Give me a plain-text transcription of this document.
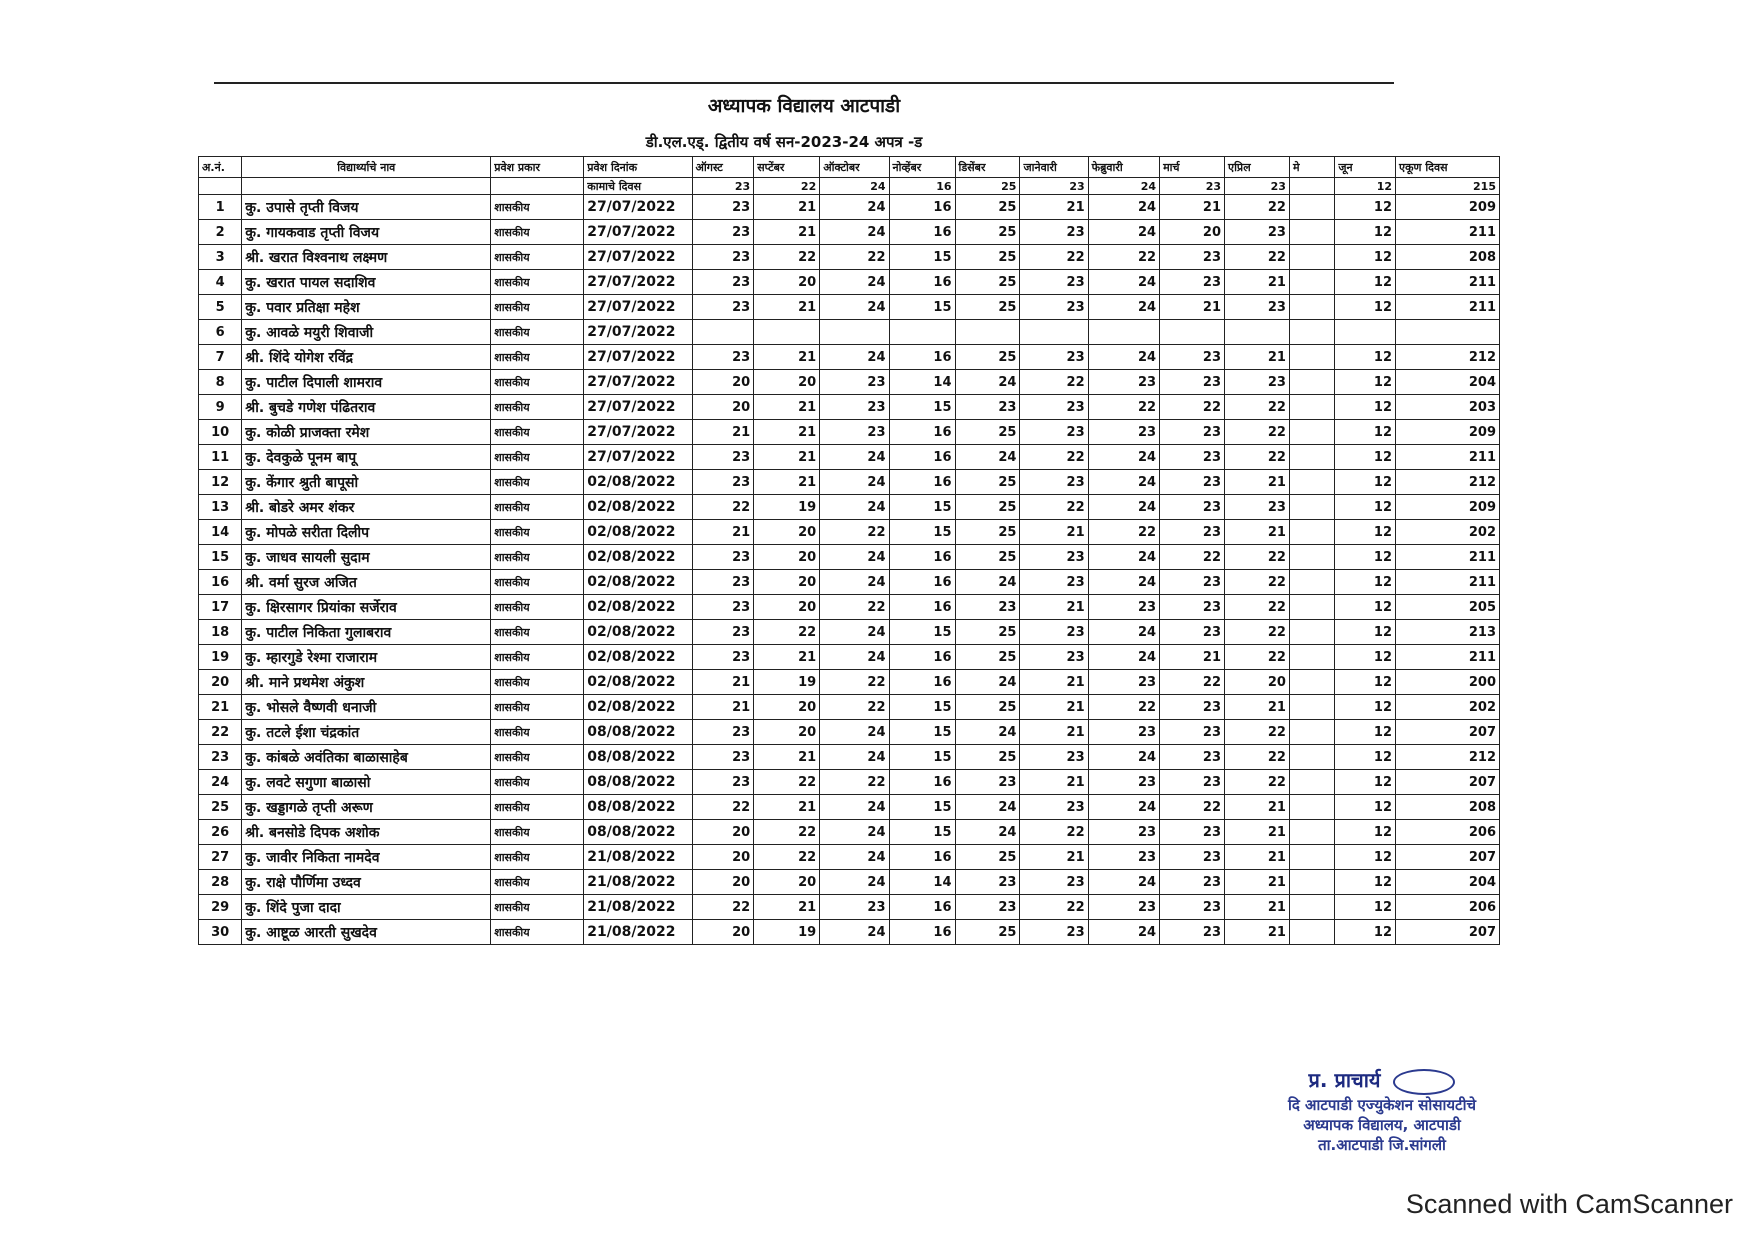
अध्यापक विद्यालय आटपाडी
डी.एल.एड्. द्वितीय वर्ष सन-2023-24 अपत्र -ड
अ.नं.	विद्यार्थ्याचे नाव	प्रवेश प्रकार	प्रवेश दिनांक	ऑगस्ट	सप्टेंबर	ऑक्टोबर	नोव्हेंबर	डिसेंबर	जानेवारी	फेब्रुवारी	मार्च	एप्रिल	मे	जून	एकूण दिवस
			कामाचे दिवस	23	22	24	16	25	23	24	23	23		12	215
1	कु. उपासे तृप्ती विजय	शासकीय	27/07/2022	23	21	24	16	25	21	24	21	22		12	209
2	कु. गायकवाड तृप्ती विजय	शासकीय	27/07/2022	23	21	24	16	25	23	24	20	23		12	211
3	श्री. खरात विश्वनाथ लक्ष्मण	शासकीय	27/07/2022	23	22	22	15	25	22	22	23	22		12	208
4	कु. खरात पायल सदाशिव	शासकीय	27/07/2022	23	20	24	16	25	23	24	23	21		12	211
5	कु. पवार प्रतिक्षा महेश	शासकीय	27/07/2022	23	21	24	15	25	23	24	21	23		12	211
6	कु. आवळे मयुरी शिवाजी	शासकीय	27/07/2022												
7	श्री. शिंदे योगेश रविंद्र	शासकीय	27/07/2022	23	21	24	16	25	23	24	23	21		12	212
8	कु. पाटील दिपाली शामराव	शासकीय	27/07/2022	20	20	23	14	24	22	23	23	23		12	204
9	श्री. बुचडे गणेश पंढितराव	शासकीय	27/07/2022	20	21	23	15	23	23	22	22	22		12	203
10	कु. कोळी प्राजक्ता रमेश	शासकीय	27/07/2022	21	21	23	16	25	23	23	23	22		12	209
11	कु. देवकुळे पूनम बापू	शासकीय	27/07/2022	23	21	24	16	24	22	24	23	22		12	211
12	कु. केंगार श्रुती बापूसो	शासकीय	02/08/2022	23	21	24	16	25	23	24	23	21		12	212
13	श्री. बोडरे अमर शंकर	शासकीय	02/08/2022	22	19	24	15	25	22	24	23	23		12	209
14	कु. मोपळे सरीता दिलीप	शासकीय	02/08/2022	21	20	22	15	25	21	22	23	21		12	202
15	कु. जाधव सायली सुदाम	शासकीय	02/08/2022	23	20	24	16	25	23	24	22	22		12	211
16	श्री. वर्मा सुरज अजित	शासकीय	02/08/2022	23	20	24	16	24	23	24	23	22		12	211
17	कु. क्षिरसागर प्रियांका सर्जेराव	शासकीय	02/08/2022	23	20	22	16	23	21	23	23	22		12	205
18	कु. पाटील निकिता गुलाबराव	शासकीय	02/08/2022	23	22	24	15	25	23	24	23	22		12	213
19	कु. म्हारगुडे रेश्मा राजाराम	शासकीय	02/08/2022	23	21	24	16	25	23	24	21	22		12	211
20	श्री. माने प्रथमेश अंकुश	शासकीय	02/08/2022	21	19	22	16	24	21	23	22	20		12	200
21	कु. भोसले वैष्णवी धनाजी	शासकीय	02/08/2022	21	20	22	15	25	21	22	23	21		12	202
22	कु. तटले ईशा चंद्रकांत	शासकीय	08/08/2022	23	20	24	15	24	21	23	23	22		12	207
23	कु. कांबळे अवंतिका बाळासाहेब	शासकीय	08/08/2022	23	21	24	15	25	23	24	23	22		12	212
24	कु. लवटे सगुणा बाळासो	शासकीय	08/08/2022	23	22	22	16	23	21	23	23	22		12	207
25	कु. खड्डागळे तृप्ती अरूण	शासकीय	08/08/2022	22	21	24	15	24	23	24	22	21		12	208
26	श्री. बनसोडे दिपक अशोक	शासकीय	08/08/2022	20	22	24	15	24	22	23	23	21		12	206
27	कु. जावीर निकिता नामदेव	शासकीय	21/08/2022	20	22	24	16	25	21	23	23	21		12	207
28	कु. राक्षे पौर्णिमा उध्दव	शासकीय	21/08/2022	20	20	24	14	23	23	24	23	21		12	204
29	कु. शिंदे पुजा दादा	शासकीय	21/08/2022	22	21	23	16	23	22	23	23	21		12	206
30	कु. आष्टूळ आरती सुखदेव	शासकीय	21/08/2022	20	19	24	16	25	23	24	23	21		12	207
प्र. प्राचार्य
दि आटपाडी एज्युकेशन सोसायटीचे
अध्यापक विद्यालय, आटपाडी
ता.आटपाडी जि.सांगली
Scanned with CamScanner
